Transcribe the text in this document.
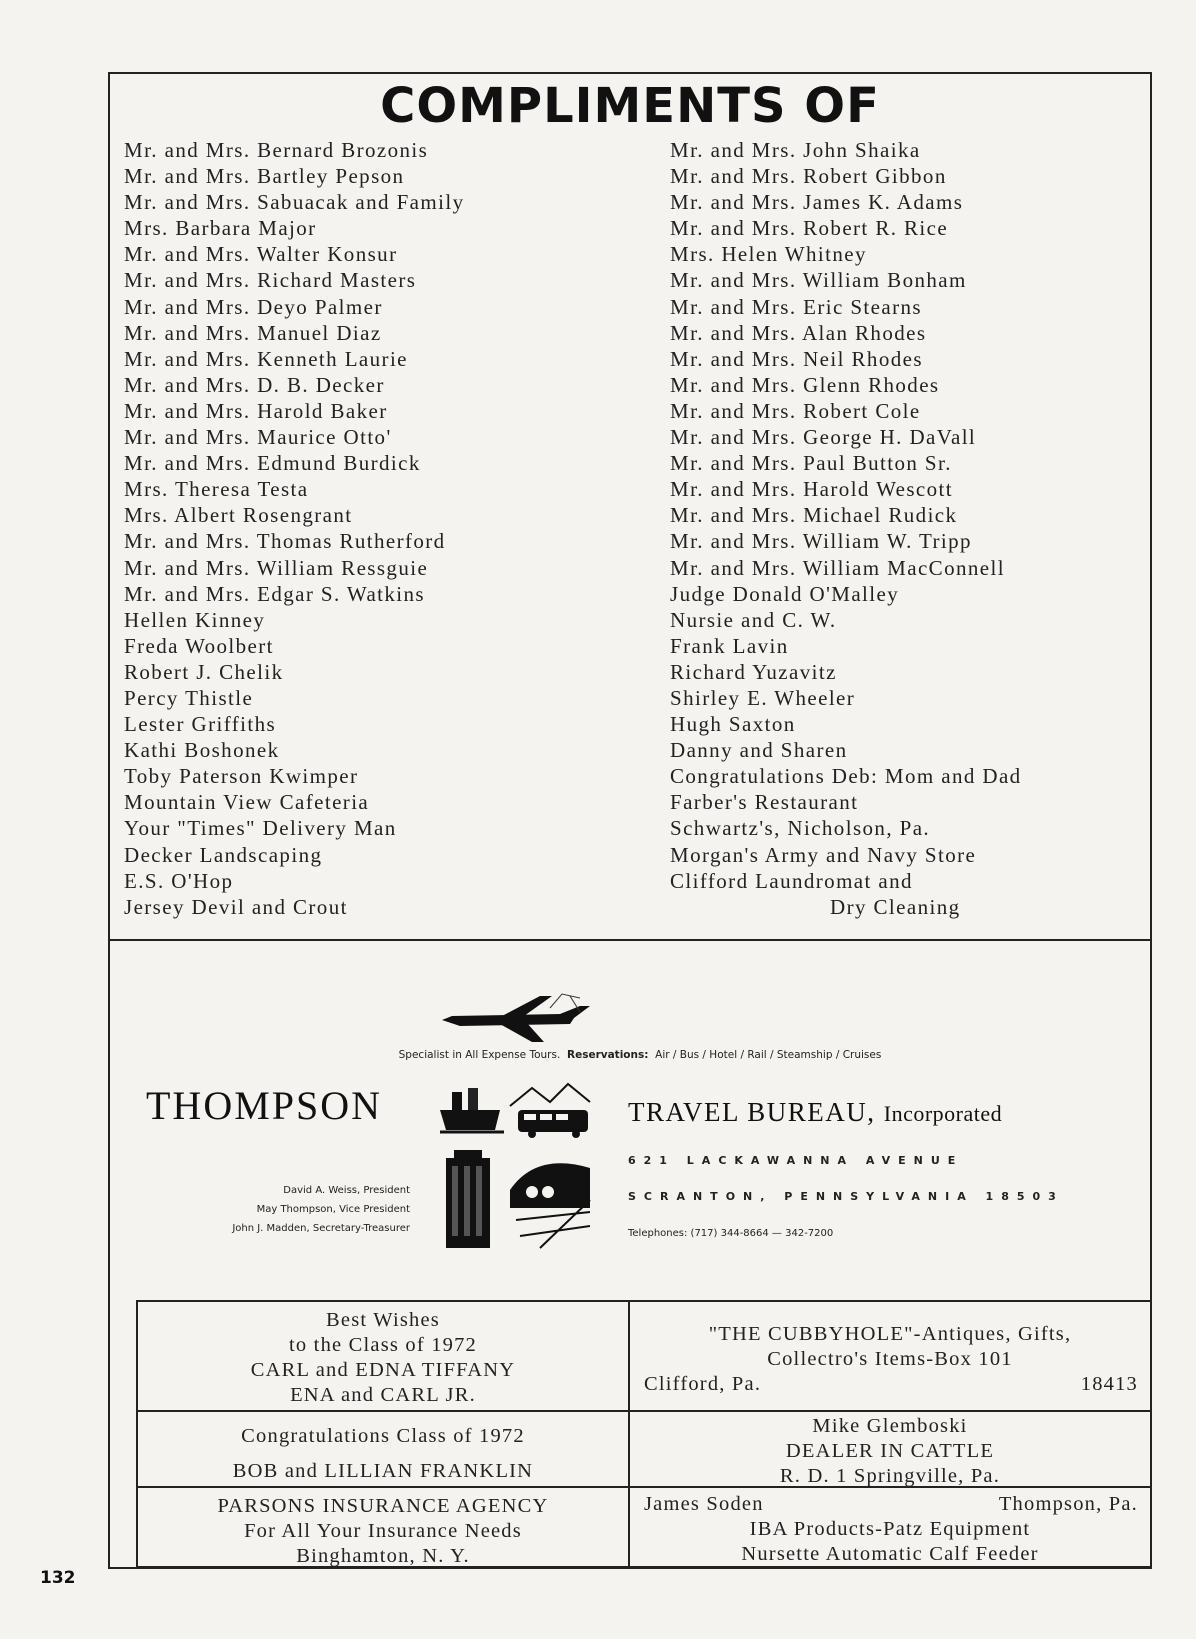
COMPLIMENTS OF
Mr. and Mrs. Bernard Brozonis
Mr. and Mrs. Bartley Pepson
Mr. and Mrs. Sabuacak and Family
Mrs. Barbara Major
Mr. and Mrs. Walter Konsur
Mr. and Mrs. Richard Masters
Mr. and Mrs. Deyo Palmer
Mr. and Mrs. Manuel Diaz
Mr. and Mrs. Kenneth Laurie
Mr. and Mrs. D. B. Decker
Mr. and Mrs. Harold Baker
Mr. and Mrs. Maurice Otto'
Mr. and Mrs. Edmund Burdick
Mrs. Theresa Testa
Mrs. Albert Rosengrant
Mr. and Mrs. Thomas Rutherford
Mr. and Mrs. William Ressguie
Mr. and Mrs. Edgar S. Watkins
Hellen Kinney
Freda Woolbert
Robert J. Chelik
Percy Thistle
Lester Griffiths
Kathi Boshonek
Toby Paterson Kwimper
Mountain View Cafeteria
Your "Times" Delivery Man
Decker Landscaping
E.S. O'Hop
Jersey Devil and Crout
Mr. and Mrs. John Shaika
Mr. and Mrs. Robert Gibbon
Mr. and Mrs. James K. Adams
Mr. and Mrs. Robert R. Rice
Mrs. Helen Whitney
Mr. and Mrs. William Bonham
Mr. and Mrs. Eric Stearns
Mr. and Mrs. Alan Rhodes
Mr. and Mrs. Neil Rhodes
Mr. and Mrs. Glenn Rhodes
Mr. and Mrs. Robert Cole
Mr. and Mrs. George H. DaVall
Mr. and Mrs. Paul Button Sr.
Mr. and Mrs. Harold Wescott
Mr. and Mrs. Michael Rudick
Mr. and Mrs. William W. Tripp
Mr. and Mrs. William MacConnell
Judge Donald O'Malley
Nursie and C. W.
Frank Lavin
Richard Yuzavitz
Shirley E. Wheeler
Hugh Saxton
Danny and Sharen
Congratulations Deb: Mom and Dad
Farber's Restaurant
Schwartz's, Nicholson, Pa.
Morgan's Army and Navy Store
Clifford Laundromat and
Dry Cleaning
Specialist in All Expense Tours. Reservations: Air / Bus / Hotel / Rail / Steamship / Cruises
THOMPSON	TRAVEL BUREAU, Incorporated
David A. Weiss, President
May Thompson, Vice President
John J. Madden, Secretary-Treasurer
621 LACKAWANNA AVENUE
SCRANTON, PENNSYLVANIA 18503
Telephones: (717) 344-8664 — 342-7200
Best Wishes
to the Class of 1972
CARL and EDNA TIFFANY
ENA and CARL JR.
"THE CUBBYHOLE"-Antiques, Gifts,
Collectro's Items-Box 101
Clifford, Pa.	18413
Congratulations Class of 1972
BOB and LILLIAN FRANKLIN
Mike Glemboski
DEALER IN CATTLE
R. D. 1 Springville, Pa.
PARSONS INSURANCE AGENCY
For All Your Insurance Needs
Binghamton, N. Y.
James Soden	Thompson, Pa.
IBA Products-Patz Equipment
Nursette Automatic Calf Feeder
132
